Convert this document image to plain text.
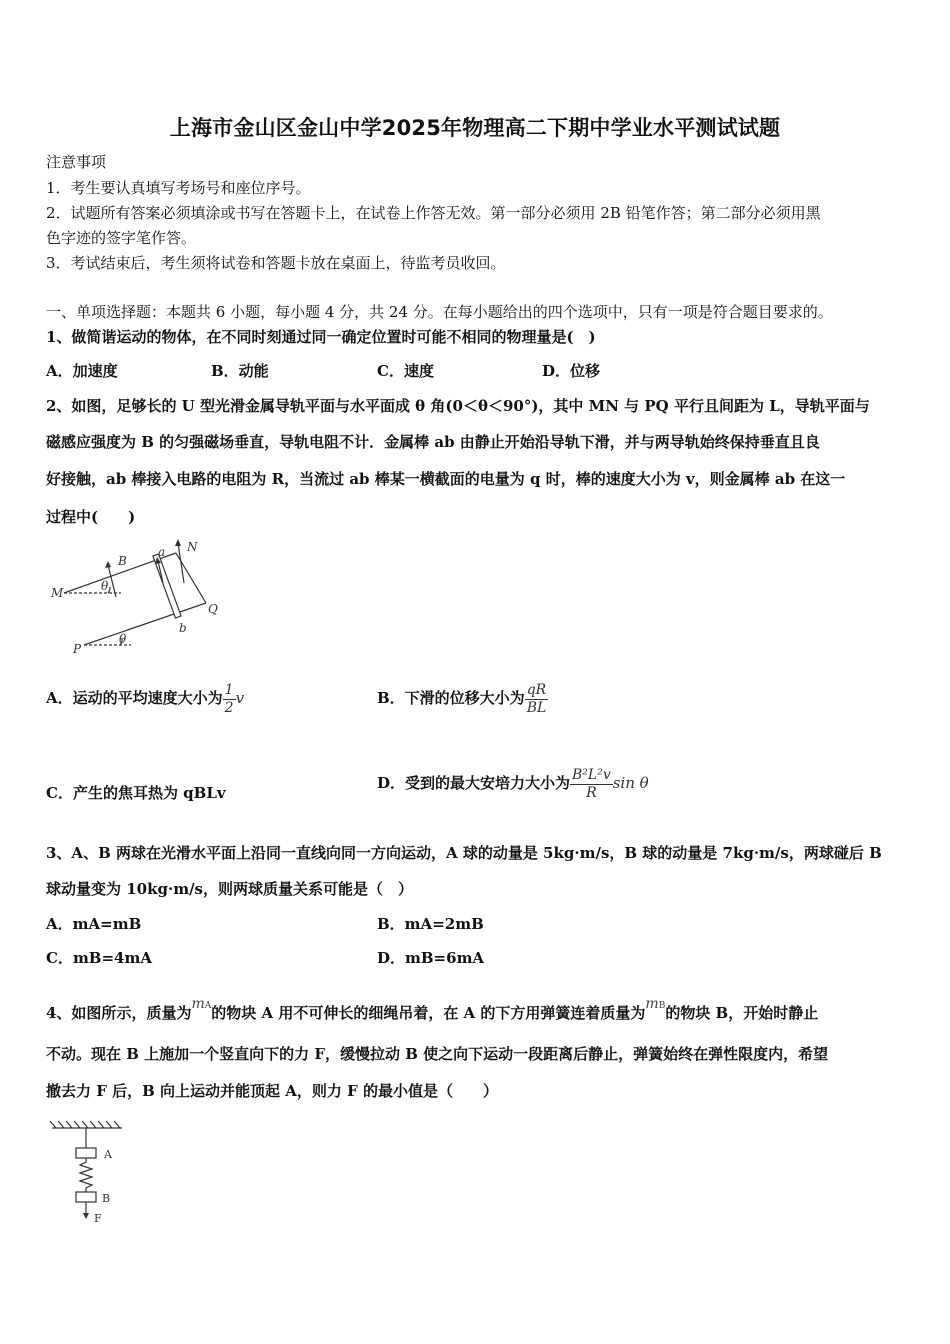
上海市金山区金山中学2025年物理高二下期中学业水平测试试题
注意事项
1．考生要认真填写考场号和座位序号。
2．试题所有答案必须填涂或书写在答题卡上，在试卷上作答无效。第一部分必须用 2B 铅笔作答；第二部分必须用黑
色字迹的签字笔作答。
3．考试结束后，考生须将试卷和答题卡放在桌面上，待监考员收回。
一、单项选择题：本题共 6 小题，每小题 4 分，共 24 分。在每小题给出的四个选项中，只有一项是符合题目要求的。
1、做简谐运动的物体，在不同时刻通过同一确定位置时可能不相同的物理量是(　)
A．加速度	B．动能	C．速度	D．位移
2、如图，足够长的 U 型光滑金属导轨平面与水平面成 θ 角(0＜θ＜90°)，其中 MN 与 PQ 平行且间距为 L，导轨平面与
磁感应强度为 B 的匀强磁场垂直，导轨电阻不计．金属棒 ab 由静止开始沿导轨下滑，并与两导轨始终保持垂直且良
好接触，ab 棒接入电路的电阻为 R，当流过 ab 棒某一横截面的电量为 q 时，棒的速度大小为 v，则金属棒 ab 在这一
过程中(　　)
B
a N
M	θ
Q
b
P
θ
A．运动的平均速度大小为 $\frac{1}{2}$ v	B．下滑的位移大小为 $\frac{qR}{BL}$
C．产生的焦耳热为 qBLv
D．受到的最大安培力大小为 $\frac{\text{B²L²v}}{R}$ sin θ
3、A、B 两球在光滑水平面上沿同一直线向同一方向运动，A 球的动量是 5kg·m/s，B 球的动量是 7kg·m/s，两球碰后 B
球动量变为 10kg·m/s，则两球质量关系可能是（　）
A．mA=mB	B．mA=2mB
C．mB=4mA	D．mB=6mA
4、如图所示，质量为mA的物块 A 用不可伸长的细绳吊着，在 A 的下方用弹簧连着质量为mB的物块 B，开始时静止
不动。现在 B 上施加一个竖直向下的力 F，缓慢拉动 B 使之向下运动一段距离后静止，弹簧始终在弹性限度内，希望
撤去力 F 后，B 向上运动并能顶起 A，则力 F 的最小值是（　　）
A
B
F
